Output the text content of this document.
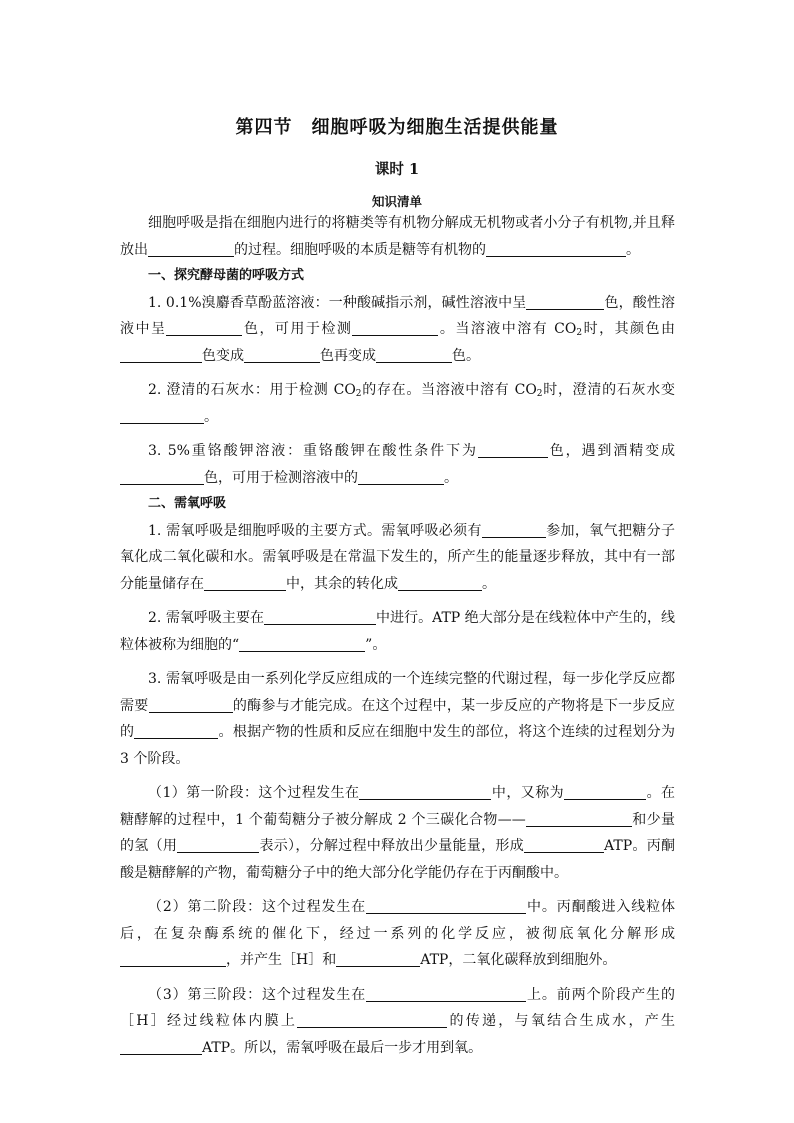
第四节　细胞呼吸为细胞生活提供能量
课时 1
知识清单

细胞呼吸是指在细胞内进行的将糖类等有机物分解成无机物或者小分子有机物,并且释放出	的过程。细胞呼吸的本质是糖等有机物的	。

一、探究酵母菌的呼吸方式

1. 0.1%溴麝香草酚蓝溶液：一种酸碱指示剂，碱性溶液中呈	色，酸性溶液中呈	色，可用于检测	。当溶液中溶有 $CO_2$时，其颜色由色变成	色再变成	色。

2. 澄清的石灰水：用于检测 $CO_2$的存在。当溶液中溶有 $CO_2$时，澄清的石灰水变。

3. 5%重铬酸钾溶液：重铬酸钾在酸性条件下为	色，遇到酒精变成色，可用于检测溶液中的	。

二、需氧呼吸

1. 需氧呼吸是细胞呼吸的主要方式。需氧呼吸必须有	参加，氧气把糖分子氧化成二氧化碳和水。需氧呼吸是在常温下发生的，所产生的能量逐步释放，其中有一部分能量储存在	中，其余的转化成	。

2. 需氧呼吸主要在	中进行。ATP 绝大部分是在线粒体中产生的，线粒体被称为细胞的“	”。

3. 需氧呼吸是由一系列化学反应组成的一个连续完整的代谢过程，每一步化学反应都需要	的酶参与才能完成。在这个过程中，某一步反应的产物将是下一步反应的	。根据产物的性质和反应在细胞中发生的部位，将这个连续的过程划分为 3 个阶段。

（1）第一阶段：这个过程发生在	中，又称为	。在糖酵解的过程中，1 个葡萄糖分子被分解成 2 个三碳化合物——	和少量的氢（用	表示），分解过程中释放出少量能量，形成	ATP。丙酮酸是糖酵解的产物，葡萄糖分子中的绝大部分化学能仍存在于丙酮酸中。

（2）第二阶段：这个过程发生在	中。丙酮酸进入线粒体后，在复杂酶系统的催化下，经过一系列的化学反应，被彻底氧化分解形成，并产生［H］和	ATP，二氧化碳释放到细胞外。

（3）第三阶段：这个过程发生在	上。前两个阶段产生的［H］经过线粒体内膜上	的传递，与氧结合生成水，产生ATP。所以，需氧呼吸在最后一步才用到氧。
